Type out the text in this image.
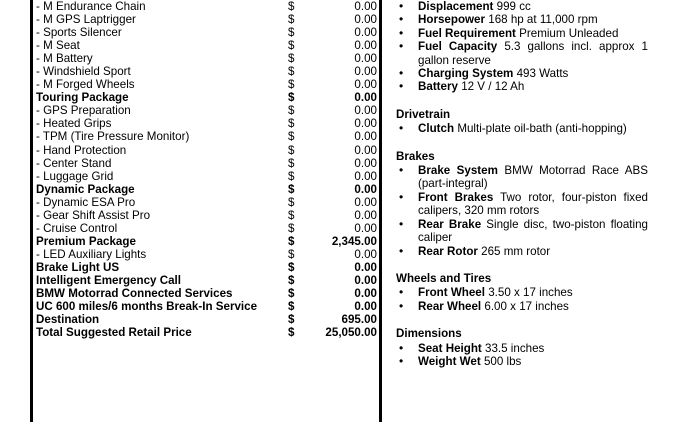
- M Endurance Chain	$	0.00
- M GPS Laptrigger	$	0.00
- Sports Silencer	$	0.00
- M Seat	$	0.00
- M Battery	$	0.00
- Windshield Sport	$	0.00
- M Forged Wheels	$	0.00
Touring Package	$	0.00
- GPS Preparation	$	0.00
- Heated Grips	$	0.00
- TPM (Tire Pressure Monitor)	$	0.00
- Hand Protection	$	0.00
- Center Stand	$	0.00
- Luggage Grid	$	0.00
Dynamic Package	$	0.00
- Dynamic ESA Pro	$	0.00
- Gear Shift Assist Pro	$	0.00
- Cruise Control	$	0.00
Premium Package	$	2,345.00
- LED Auxiliary Lights	$	0.00
Brake Light US	$	0.00
Intelligent Emergency Call	$	0.00
BMW Motorrad Connected Services	$	0.00
UC 600 miles/6 months Break-In Service	$	0.00
Destination	$	695.00
Total Suggested Retail Price	$	25,050.00
• Displacement 999 cc
• Horsepower 168 hp at 11,000 rpm
• Fuel Requirement Premium Unleaded
• Fuel Capacity 5.3 gallons incl. approx 1 gallon reserve
• Charging System 493 Watts
• Battery 12 V / 12 Ah
Drivetrain
• Clutch Multi-plate oil-bath (anti-hopping)
Brakes
• Brake System BMW Motorrad Race ABS (part-integral)
• Front Brakes Two rotor, four-piston fixed calipers, 320 mm rotors
• Rear Brake Single disc, two-piston floating caliper
• Rear Rotor 265 mm rotor
Wheels and Tires
• Front Wheel 3.50 x 17 inches
• Rear Wheel 6.00 x 17 inches
Dimensions
• Seat Height 33.5 inches
• Weight Wet 500 lbs
